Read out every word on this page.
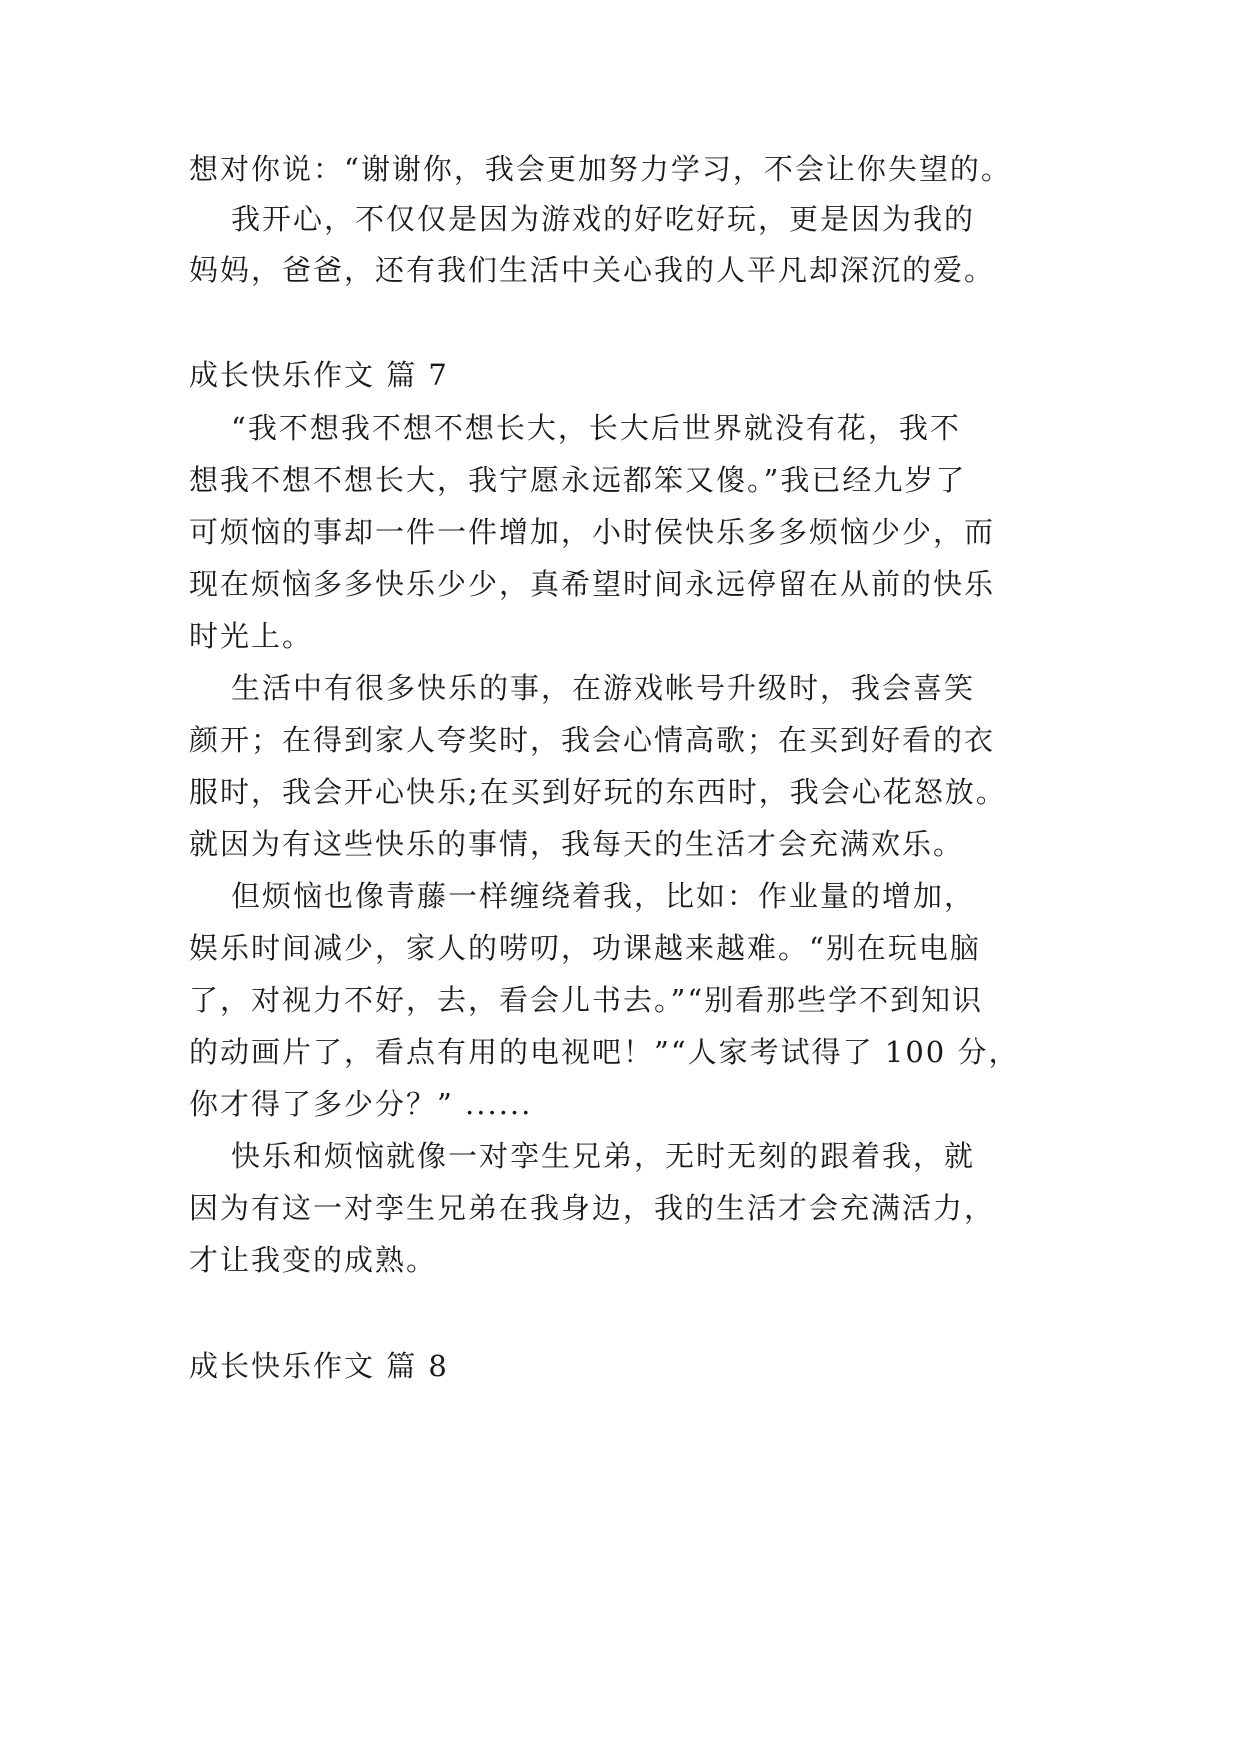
想对你说：“谢谢你，我会更加努力学习，不会让你失望的。

我开心，不仅仅是因为游戏的好吃好玩，更是因为我的

妈妈，爸爸，还有我们生活中关心我的人平凡却深沉的爱。

成长快乐作文 篇 7

“我不想我不想不想长大，长大后世界就没有花，我不

想我不想不想长大，我宁愿永远都笨又傻。”我已经九岁了

可烦恼的事却一件一件增加，小时侯快乐多多烦恼少少，而

现在烦恼多多快乐少少，真希望时间永远停留在从前的快乐

时光上。

生活中有很多快乐的事，在游戏帐号升级时，我会喜笑

颜开；在得到家人夸奖时，我会心情高歌；在买到好看的衣

服时，我会开心快乐;在买到好玩的东西时，我会心花怒放。

就因为有这些快乐的事情，我每天的生活才会充满欢乐。

但烦恼也像青藤一样缠绕着我，比如：作业量的增加，

娱乐时间减少，家人的唠叨，功课越来越难。“别在玩电脑

了，对视力不好，去，看会儿书去。”“别看那些学不到知识

的动画片了，看点有用的电视吧！”“人家考试得了 100 分，

你才得了多少分？” ......

快乐和烦恼就像一对孪生兄弟，无时无刻的跟着我，就

因为有这一对孪生兄弟在我身边，我的生活才会充满活力，

才让我变的成熟。

成长快乐作文 篇 8
